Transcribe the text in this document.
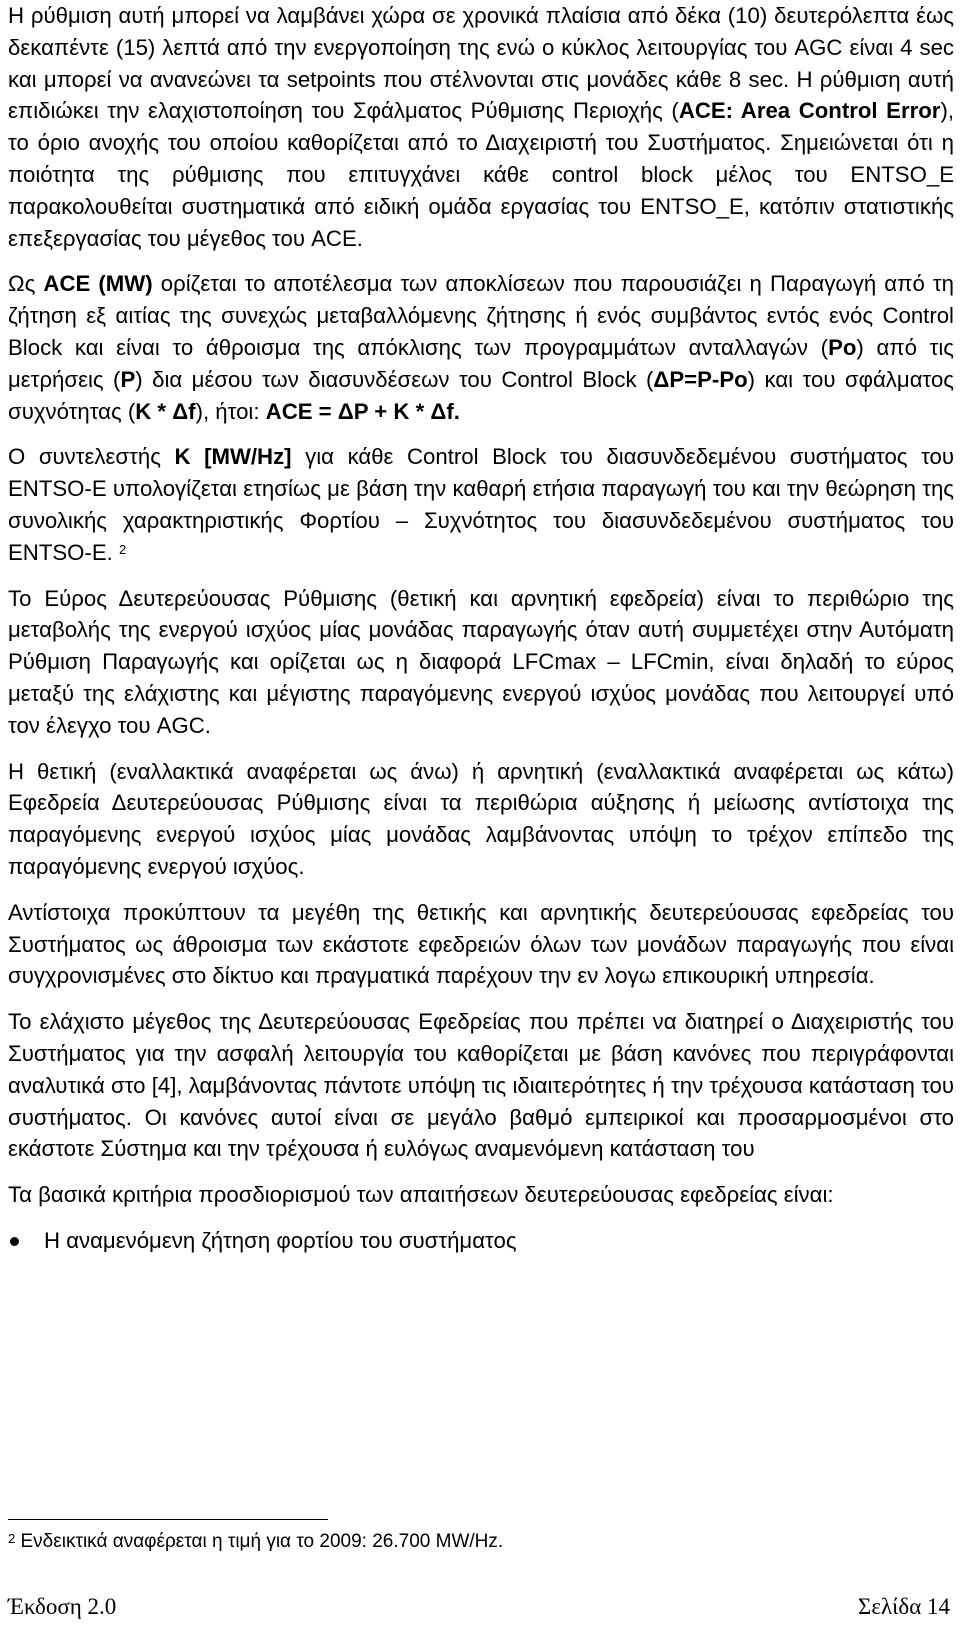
Η ρύθμιση αυτή μπορεί να λαμβάνει χώρα σε χρονικά πλαίσια από δέκα (10) δευτερόλεπτα έως δεκαπέντε (15) λεπτά από την ενεργοποίηση της ενώ ο κύκλος λειτουργίας του AGC είναι 4 sec και μπορεί να ανανεώνει τα setpoints που στέλνονται στις μονάδες κάθε 8 sec. Η ρύθμιση αυτή επιδιώκει την ελαχιστοποίηση του Σφάλματος Ρύθμισης Περιοχής (ACE: Area Control Error), το όριο ανοχής του οποίου καθορίζεται από το Διαχειριστή του Συστήματος. Σημειώνεται ότι η ποιότητα της ρύθμισης που επιτυγχάνει κάθε control block μέλος του ENTSO_E παρακολουθείται συστηματικά από ειδική ομάδα εργασίας του ENTSO_E, κατόπιν στατιστικής επεξεργασίας του μέγεθος του ACE.

Ως ACE (MW) ορίζεται το αποτέλεσμα των αποκλίσεων που παρουσιάζει η Παραγωγή από τη ζήτηση εξ αιτίας της συνεχώς μεταβαλλόμενης ζήτησης ή ενός συμβάντος εντός ενός Control Block και είναι το άθροισμα της απόκλισης των προγραμμάτων ανταλλαγών (Po) από τις μετρήσεις (P) δια μέσου των διασυνδέσεων του Control Block (ΔP=P-Po) και του σφάλματος συχνότητας (K * Δf), ήτοι: ACE = ΔP + K * Δf.

Ο συντελεστής K [MW/Hz] για κάθε Control Block του διασυνδεδεμένου συστήματος του ENTSO-E υπολογίζεται ετησίως με βάση την καθαρή ετήσια παραγωγή του και την θεώρηση της συνολικής χαρακτηριστικής Φορτίου – Συχνότητος του διασυνδεδεμένου συστήματος του ENTSO-E. $^2$

Το Εύρος Δευτερεύουσας Ρύθμισης (θετική και αρνητική εφεδρεία) είναι το περιθώριο της μεταβολής της ενεργού ισχύος μίας μονάδας παραγωγής όταν αυτή συμμετέχει στην Αυτόματη Ρύθμιση Παραγωγής και ορίζεται ως η διαφορά LFCmax – LFCmin, είναι δηλαδή το εύρος μεταξύ της ελάχιστης και μέγιστης παραγόμενης ενεργού ισχύος μονάδας που λειτουργεί υπό τον έλεγχο του AGC.

Η θετική (εναλλακτικά αναφέρεται ως άνω) ή αρνητική (εναλλακτικά αναφέρεται ως κάτω) Εφεδρεία Δευτερεύουσας Ρύθμισης είναι τα περιθώρια αύξησης ή μείωσης αντίστοιχα της παραγόμενης ενεργού ισχύος μίας μονάδας λαμβάνοντας υπόψη το τρέχον επίπεδο της παραγόμενης ενεργού ισχύος.

Αντίστοιχα προκύπτουν τα μεγέθη της θετικής και αρνητικής δευτερεύουσας εφεδρείας του Συστήματος ως άθροισμα των εκάστοτε εφεδρειών όλων των μονάδων παραγωγής που είναι συγχρονισμένες στο δίκτυο και πραγματικά παρέχουν την εν λογω επικουρική υπηρεσία.

Το ελάχιστο μέγεθος της Δευτερεύουσας Εφεδρείας που πρέπει να διατηρεί ο Διαχειριστής του Συστήματος για την ασφαλή λειτουργία του καθορίζεται με βάση κανόνες που περιγράφονται αναλυτικά στο [4], λαμβάνοντας πάντοτε υπόψη τις ιδιαιτερότητες ή την τρέχουσα κατάσταση του συστήματος. Οι κανόνες αυτοί είναι σε μεγάλο βαθμό εμπειρικοί και προσαρμοσμένοι στο εκάστοτε Σύστημα και την τρέχουσα ή ευλόγως αναμενόμενη κατάσταση του

Τα βασικά κριτήρια προσδιορισμού των απαιτήσεων δευτερεύουσας εφεδρείας είναι:

Η αναμενόμενη ζήτηση φορτίου του συστήματος
$^2$ Ενδεικτικά αναφέρεται η τιμή για το 2009: 26.700 MW/Hz.
Έκδοση 2.0	Σελίδα 14
